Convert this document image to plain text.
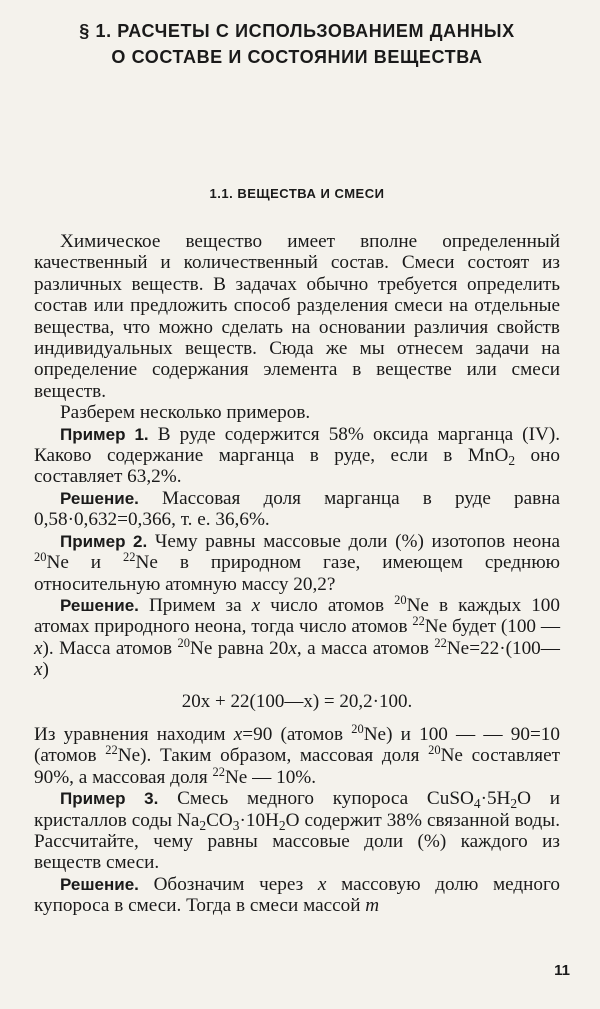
§ 1. РАСЧЕТЫ С ИСПОЛЬЗОВАНИЕМ ДАННЫХ
О СОСТАВЕ И СОСТОЯНИИ ВЕЩЕСТВА
1.1. ВЕЩЕСТВА И СМЕСИ

Химическое вещество имеет вполне определенный качественный и количественный состав. Смеси состоят из различных веществ. В задачах обычно требуется определить состав или предложить способ разделения смеси на отдельные вещества, что можно сделать на основании различия свойств индивидуальных веществ. Сюда же мы отнесем задачи на определение содержания элемента в веществе или смеси веществ.

Разберем несколько примеров.

Пример 1. В руде содержится 58% оксида марганца (IV). Каково содержание марганца в руде, если в MnO$_2$ оно составляет 63,2%.

Решение. Массовая доля марганца в руде равна 0,58·0,632=0,366, т. е. 36,6%.

Пример 2. Чему равны массовые доли (%) изотопов неона $^{20}$Ne и $^{22}$Ne в природном газе, имеющем среднюю относительную атомную массу 20,2?

Решение. Примем за x число атомов $^{20}$Ne в каждых 100 атомах природного неона, тогда число атомов $^{22}$Ne будет (100 — x). Масса атомов $^{20}$Ne равна 20x, а масса атомов $^{22}$Ne=22·(100—x)

20x + 22(100—x) = 20,2·100.

Из уравнения находим x=90 (атомов $^{20}$Ne) и 100 — — 90=10 (атомов $^{22}$Ne). Таким образом, массовая доля $^{20}$Ne составляет 90%, а массовая доля $^{22}$Ne — 10%.

Пример 3. Смесь медного купороса $CuSO_4\cdot 5H_2O$ и кристаллов соды $Na_2CO_3\cdot 10H_2O$ содержит 38% связанной воды. Рассчитайте, чему равны массовые доли (%) каждого из веществ смеси.

Решение. Обозначим через x массовую долю медного купороса в смеси. Тогда в смеси массой m

11
